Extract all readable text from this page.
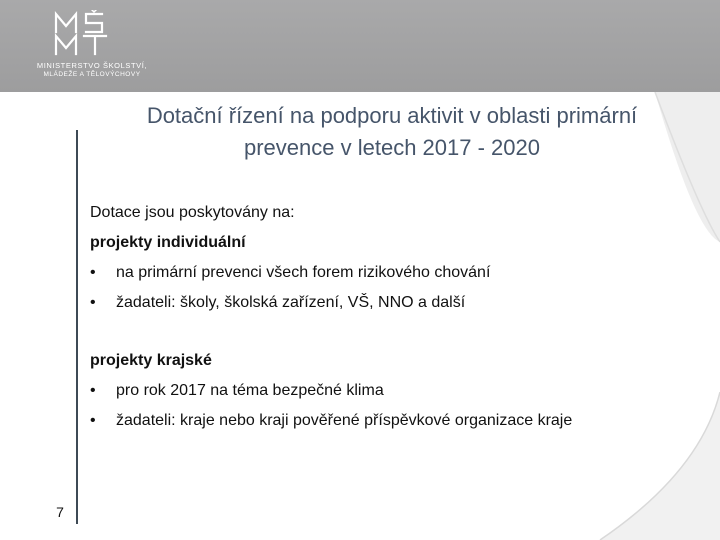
MINISTERSTVO ŠKOLSTVÍ,
MLÁDEŽE A TĚLOVÝCHOVY
Dotační řízení na podporu aktivit v oblasti primární
prevence v letech 2017 - 2020

Dotace jsou poskytovány na:

projekty individuální

• na primární prevenci všech forem rizikového chování
• žadateli: školy, školská zařízení, VŠ, NNO a další

projekty krajské

• pro rok 2017 na téma bezpečné klima
• žadateli: kraje nebo kraji pověřené příspěvkové organizace kraje
7
